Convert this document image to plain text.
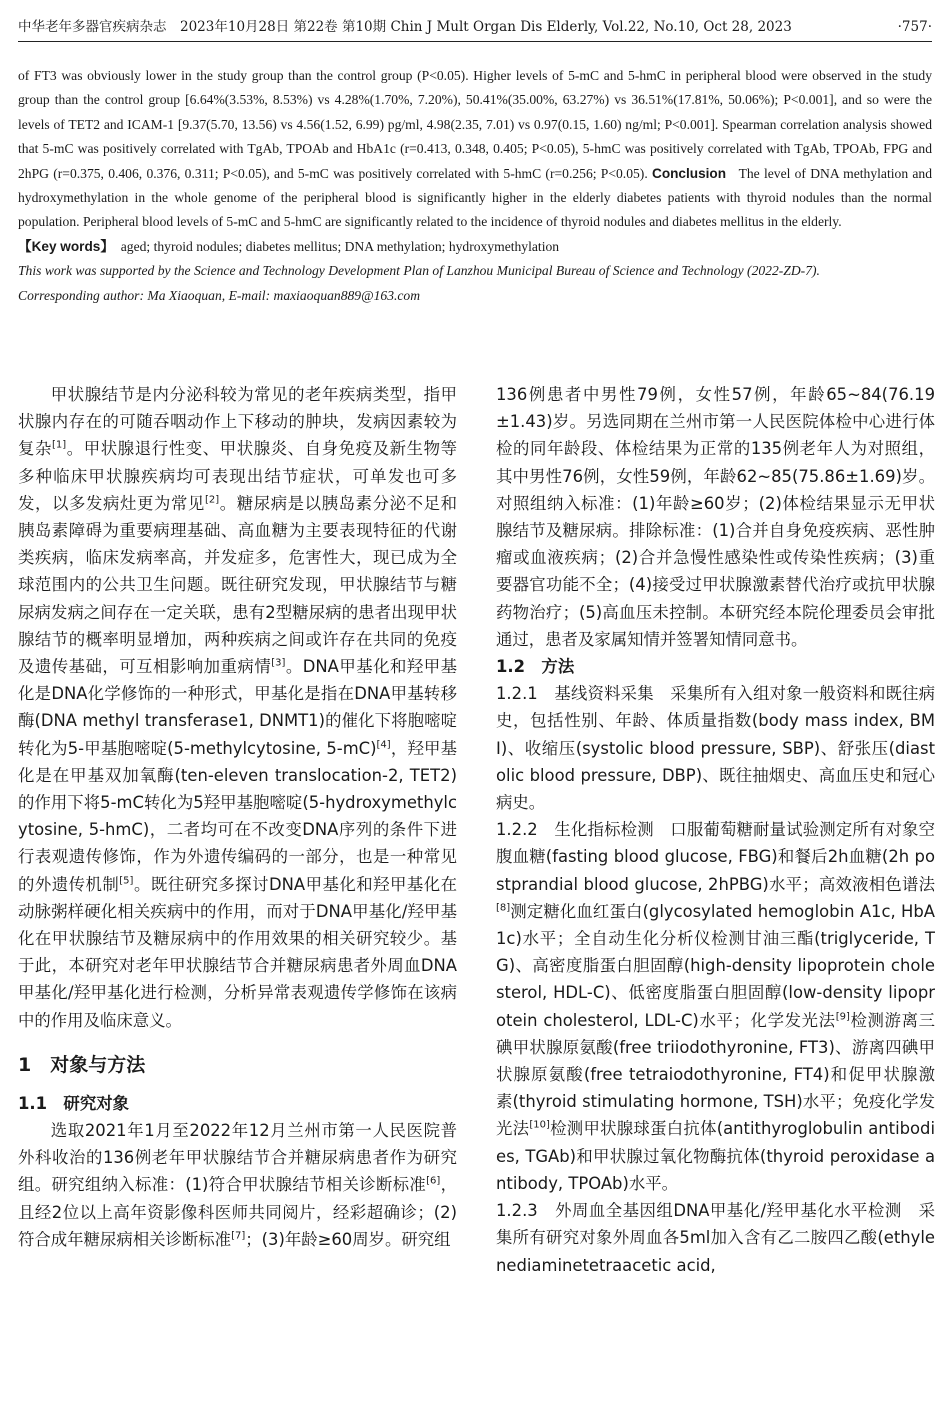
中华老年多器官疾病杂志　2023年10月28日 第22卷 第10期 Chin J Mult Organ Dis Elderly, Vol.22, No.10, Oct 28, 2023	·757·
of FT3 was obviously lower in the study group than the control group (P<0.05). Higher levels of 5-mC and 5-hmC in peripheral blood were observed in the study group than the control group [6.64%(3.53%, 8.53%) vs 4.28%(1.70%, 7.20%), 50.41%(35.00%, 63.27%) vs 36.51%(17.81%, 50.06%); P<0.001], and so were the levels of TET2 and ICAM-1 [9.37(5.70, 13.56) vs 4.56(1.52, 6.99) pg/ml, 4.98(2.35, 7.01) vs 0.97(0.15, 1.60) ng/ml; P<0.001]. Spearman correlation analysis showed that 5-mC was positively correlated with TgAb, TPOAb and HbA1c (r=0.413, 0.348, 0.405; P<0.05), 5-hmC was positively correlated with TgAb, TPOAb, FPG and 2hPG (r=0.375, 0.406, 0.376, 0.311; P<0.05), and 5-mC was positively correlated with 5-hmC (r=0.256; P<0.05). Conclusion The level of DNA methylation and hydroxymethylation in the whole genome of the peripheral blood is significantly higher in the elderly diabetes patients with thyroid nodules than the normal population. Peripheral blood levels of 5-mC and 5-hmC are significantly related to the incidence of thyroid nodules and diabetes mellitus in the elderly.
【Key words】 aged; thyroid nodules; diabetes mellitus; DNA methylation; hydroxymethylation
This work was supported by the Science and Technology Development Plan of Lanzhou Municipal Bureau of Science and Technology (2022-ZD-7).
Corresponding author: Ma Xiaoquan, E-mail: maxiaoquan889@163.com

甲状腺结节是内分泌科较为常见的老年疾病类型，指甲状腺内存在的可随吞咽动作上下移动的肿块，发病因素较为复杂[1]。甲状腺退行性变、甲状腺炎、自身免疫及新生物等多种临床甲状腺疾病均可表现出结节症状，可单发也可多发，以多发病灶更为常见[2]。糖尿病是以胰岛素分泌不足和胰岛素障碍为重要病理基础、高血糖为主要表现特征的代谢类疾病，临床发病率高，并发症多，危害性大，现已成为全球范围内的公共卫生问题。既往研究发现，甲状腺结节与糖尿病发病之间存在一定关联，患有2型糖尿病的患者出现甲状腺结节的概率明显增加，两种疾病之间或许存在共同的免疫及遗传基础，可互相影响加重病情[3]。DNA甲基化和羟甲基化是DNA化学修饰的一种形式，甲基化是指在DNA甲基转移酶(DNA methyl transferase1, DNMT1)的催化下将胞嘧啶转化为5-甲基胞嘧啶(5-methylcytosine, 5-mC)[4]，羟甲基化是在甲基双加氧酶(ten-eleven translocation-2, TET2)的作用下将5-mC转化为5羟甲基胞嘧啶(5-hydroxymethylcytosine, 5-hmC)，二者均可在不改变DNA序列的条件下进行表观遗传修饰，作为外遗传编码的一部分，也是一种常见的外遗传机制[5]。既往研究多探讨DNA甲基化和羟甲基化在动脉粥样硬化相关疾病中的作用，而对于DNA甲基化/羟甲基化在甲状腺结节及糖尿病中的作用效果的相关研究较少。基于此，本研究对老年甲状腺结节合并糖尿病患者外周血DNA甲基化/羟甲基化进行检测，分析异常表观遗传学修饰在该病中的作用及临床意义。

1　对象与方法
1.1　研究对象

选取2021年1月至2022年12月兰州市第一人民医院普外科收治的136例老年甲状腺结节合并糖尿病患者作为研究组。研究组纳入标准：(1)符合甲状腺结节相关诊断标准[6]，且经2位以上高年资影像科医师共同阅片，经彩超确诊；(2)符合成年糖尿病相关诊断标准[7]；(3)年龄≥60周岁。研究组

136例患者中男性79例，女性57例，年龄65~84(76.19±1.43)岁。另选同期在兰州市第一人民医院体检中心进行体检的同年龄段、体检结果为正常的135例老年人为对照组，其中男性76例，女性59例，年龄62~85(75.86±1.69)岁。对照组纳入标准：(1)年龄≥60岁；(2)体检结果显示无甲状腺结节及糖尿病。排除标准：(1)合并自身免疫疾病、恶性肿瘤或血液疾病；(2)合并急慢性感染性或传染性疾病；(3)重要器官功能不全；(4)接受过甲状腺激素替代治疗或抗甲状腺药物治疗；(5)高血压未控制。本研究经本院伦理委员会审批通过，患者及家属知情并签署知情同意书。

1.2　方法

1.2.1　基线资料采集　采集所有入组对象一般资料和既往病史，包括性别、年龄、体质量指数(body mass index, BMI)、收缩压(systolic blood pressure, SBP)、舒张压(diastolic blood pressure, DBP)、既往抽烟史、高血压史和冠心病史。

1.2.2　生化指标检测　口服葡萄糖耐量试验测定所有对象空腹血糖(fasting blood glucose, FBG)和餐后2h血糖(2h postprandial blood glucose, 2hPBG)水平；高效液相色谱法[8]测定糖化血红蛋白(glycosylated hemoglobin A1c, HbA1c)水平；全自动生化分析仪检测甘油三酯(triglyceride, TG)、高密度脂蛋白胆固醇(high-density lipoprotein cholesterol, HDL-C)、低密度脂蛋白胆固醇(low-density lipoprotein cholesterol, LDL-C)水平；化学发光法[9]检测游离三碘甲状腺原氨酸(free triiodothyronine, FT3)、游离四碘甲状腺原氨酸(free tetraiodothyronine, FT4)和促甲状腺激素(thyroid stimulating hormone, TSH)水平；免疫化学发光法[10]检测甲状腺球蛋白抗体(antithyroglobulin antibodies, TGAb)和甲状腺过氧化物酶抗体(thyroid peroxidase antibody, TPOAb)水平。

1.2.3　外周血全基因组DNA甲基化/羟甲基化水平检测　采集所有研究对象外周血各5ml加入含有乙二胺四乙酸(ethylenediaminetetraacetic acid,
